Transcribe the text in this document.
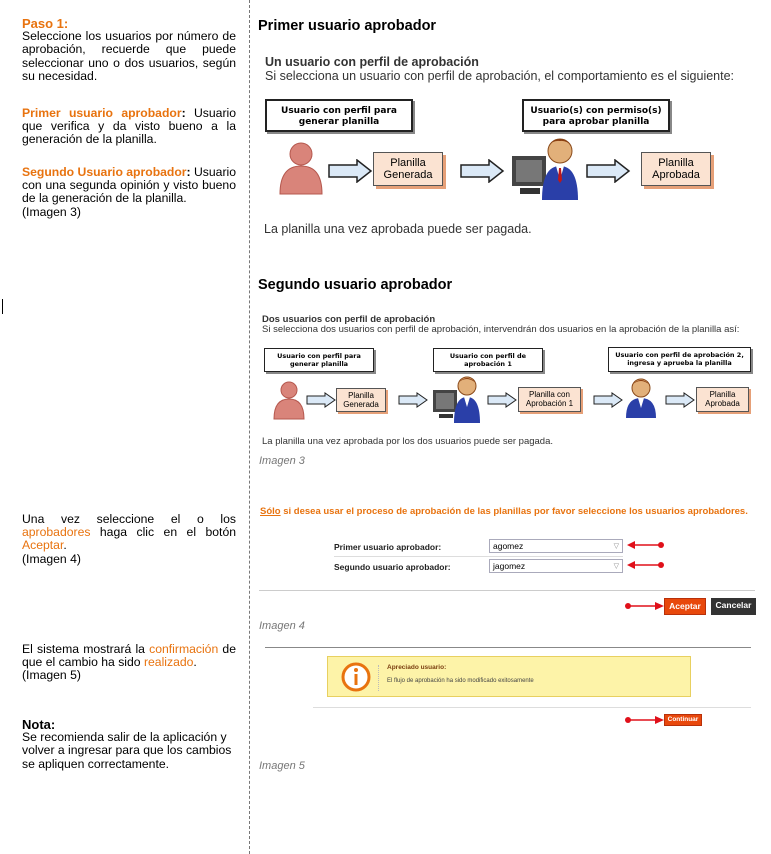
Paso 1:
Seleccione los usuarios por número de aprobación, recuerde que puede seleccionar uno o dos usuarios, según su necesidad.
Primer usuario aprobador: Usuario que verifica y da visto bueno a la generación de la planilla.
Segundo Usuario aprobador: Usuario con una segunda opinión y visto bueno de la generación de la planilla.
(Imagen 3)
Una vez seleccione el o los aprobadores haga clic en el botón Aceptar.
(Imagen 4)
El sistema mostrará la confirmación de que el cambio ha sido realizado.
(Imagen 5)
Nota:
Se recomienda salir de la aplicación y volver a ingresar para que los cambios se apliquen correctamente.
Primer usuario aprobador
Un usuario con perfil de aprobación
Si selecciona un usuario con perfil de aprobación, el comportamiento es el siguiente:
Usuario con perfil para generar planilla
Usuario(s) con permiso(s) para aprobar planilla
Planilla Generada
Planilla Aprobada
La planilla una vez aprobada puede ser pagada.
Segundo usuario aprobador
Dos usuarios con perfil de aprobación
Si selecciona dos usuarios con perfil de aprobación, intervendrán dos usuarios en la aprobación de la planilla así:
Usuario con perfil para generar planilla
Usuario con perfil de aprobación 1
Usuario con perfil de aprobación 2, ingresa y aprueba la planilla
Planilla Generada
Planilla con Aprobación 1
Planilla Aprobada
La planilla una vez aprobada por los dos usuarios puede ser pagada.
Imagen 3
Sólo si desea usar el proceso de aprobación de las planillas por favor seleccione los usuarios aprobadores.
Primer usuario aprobador:	agomez	▽
Segundo usuario aprobador:	jagomez	▽
Aceptar	Cancelar
Imagen 4
Apreciado usuario:
El flujo de aprobación ha sido modificado exitosamente
Continuar
Imagen 5
